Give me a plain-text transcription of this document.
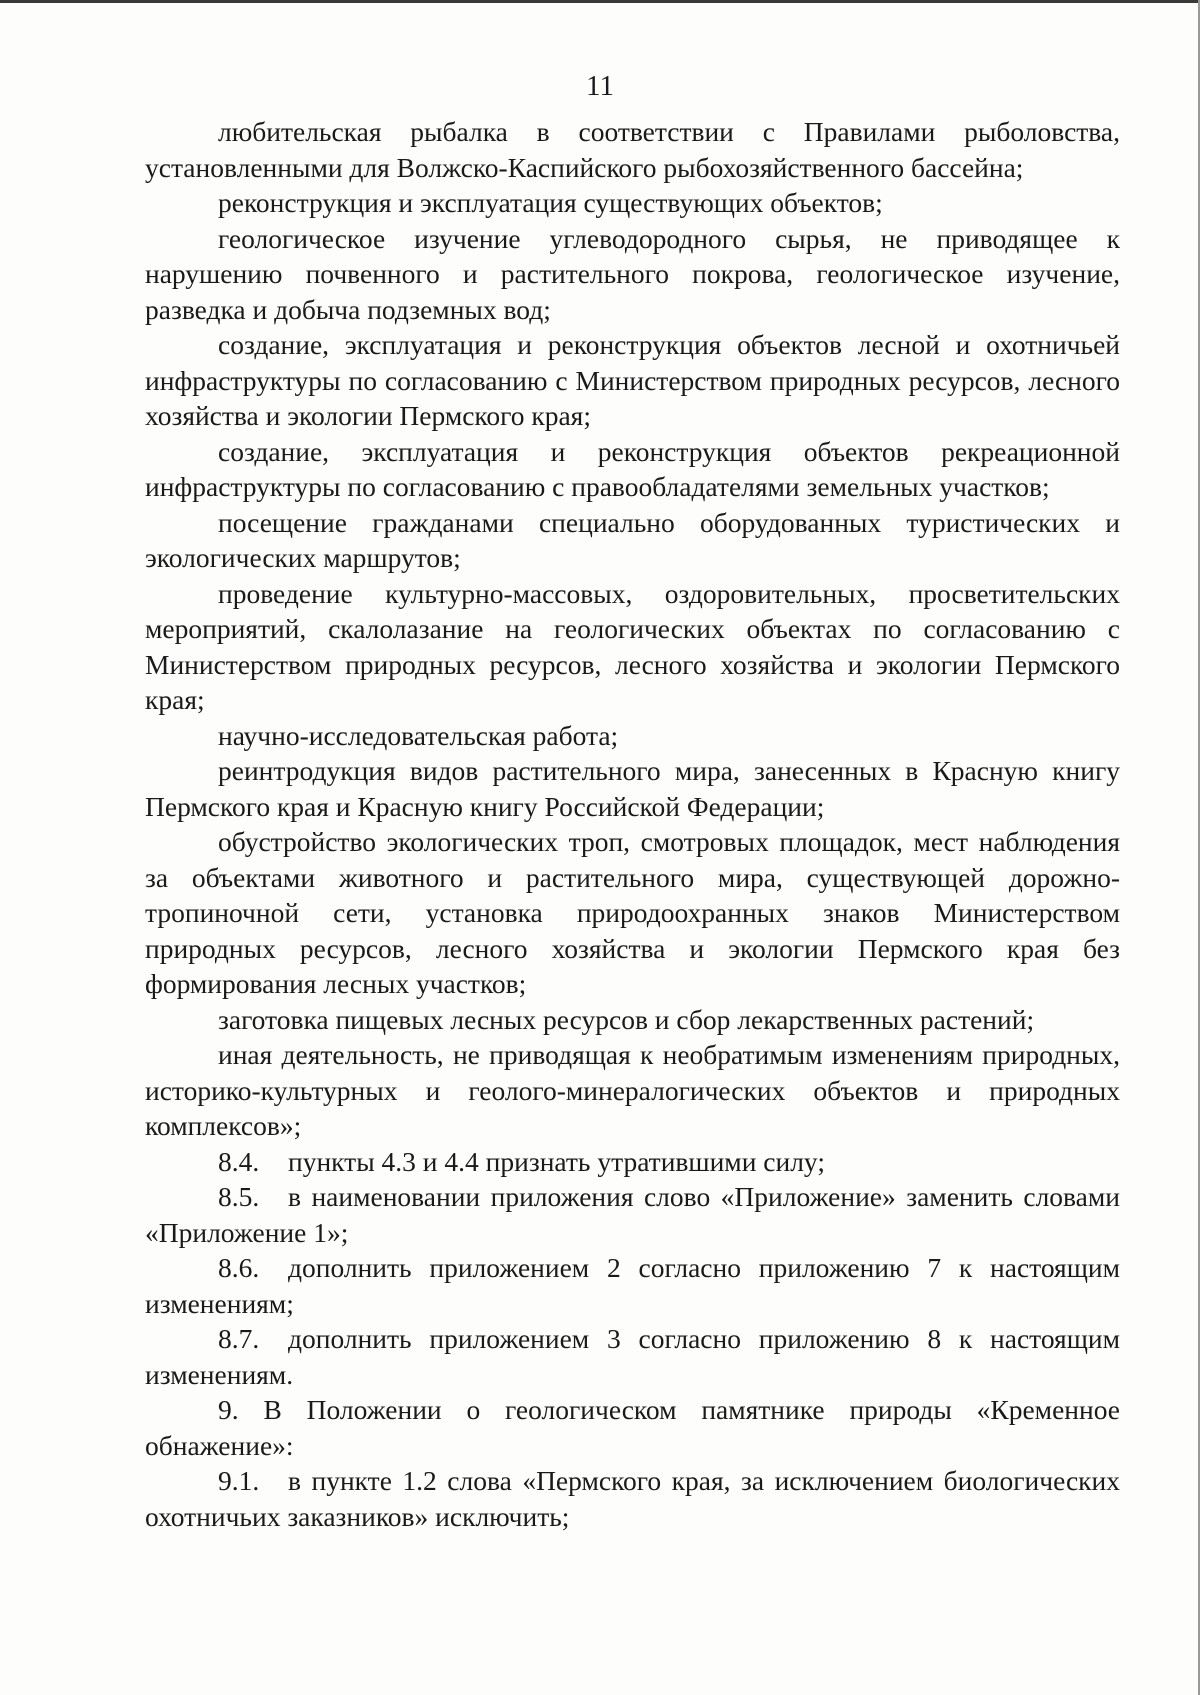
11

любительская рыбалка в соответствии с Правилами рыболовства, установленными для Волжско-Каспийского рыбохозяйственного бассейна;

реконструкция и эксплуатация существующих объектов;

геологическое изучение углеводородного сырья, не приводящее к нарушению почвенного и растительного покрова, геологическое изучение, разведка и добыча подземных вод;

создание, эксплуатация и реконструкция объектов лесной и охотничьей инфраструктуры по согласованию с Министерством природных ресурсов, лесного хозяйства и экологии Пермского края;

создание, эксплуатация и реконструкция объектов рекреационной инфраструктуры по согласованию с правообладателями земельных участков;

посещение гражданами специально оборудованных туристических и экологических маршрутов;

проведение культурно-массовых, оздоровительных, просветительских мероприятий, скалолазание на геологических объектах по согласованию с Министерством природных ресурсов, лесного хозяйства и экологии Пермского края;

научно-исследовательская работа;

реинтродукция видов растительного мира, занесенных в Красную книгу Пермского края и Красную книгу Российской Федерации;

обустройство экологических троп, смотровых площадок, мест наблюдения за объектами животного и растительного мира, существующей дорожно-тропиночной сети, установка природоохранных знаков Министерством природных ресурсов, лесного хозяйства и экологии Пермского края без формирования лесных участков;

заготовка пищевых лесных ресурсов и сбор лекарственных растений;

иная деятельность, не приводящая к необратимым изменениям природных, историко-культурных и геолого-минералогических объектов и природных комплексов»;

8.4. пункты 4.3 и 4.4 признать утратившими силу;

8.5. в наименовании приложения слово «Приложение» заменить словами «Приложение 1»;

8.6. дополнить приложением 2 согласно приложению 7 к настоящим изменениям;

8.7. дополнить приложением 3 согласно приложению 8 к настоящим изменениям.

9. В Положении о геологическом памятнике природы «Кременное обнажение»:

9.1. в пункте 1.2 слова «Пермского края, за исключением биологических охотничьих заказников» исключить;
